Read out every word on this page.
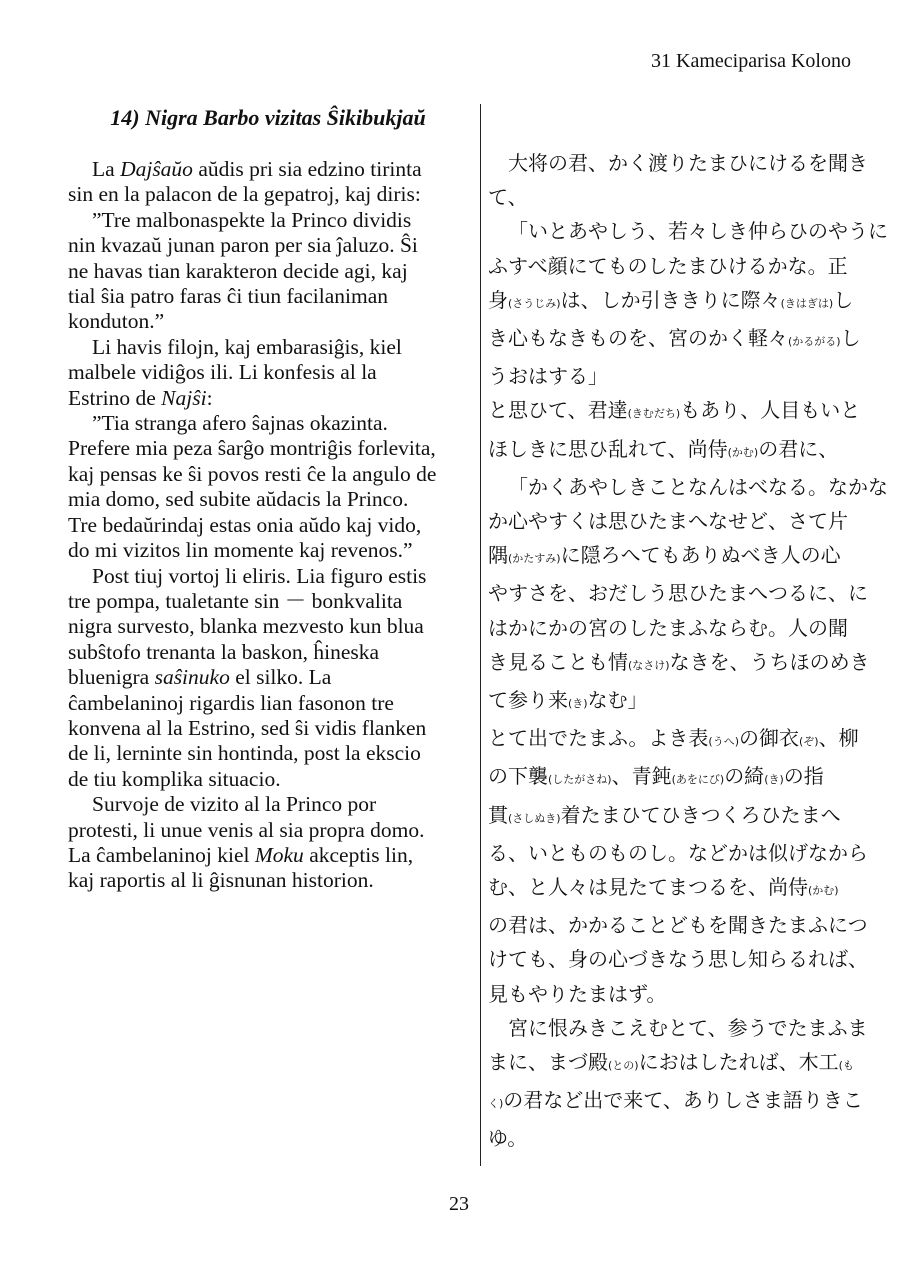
31 Kameciparisa Kolono
14) Nigra Barbo vizitas Ŝikibukjaŭ
La Dajŝaŭo aŭdis pri sia edzino tirinta
sin en la palacon de la gepatroj, kaj diris:
”Tre malbonaspekte la Princo dividis
nin kvazaŭ junan paron per sia ĵaluzo. Ŝi
ne havas tian karakteron decide agi, kaj
tial ŝia patro faras ĉi tiun facilaniman
konduton.”
Li havis filojn, kaj embarasiĝis, kiel
malbele vidiĝos ili. Li konfesis al la
Estrino de Najŝi:
”Tia stranga afero ŝajnas okazinta.
Prefere mia peza ŝarĝo montriĝis forlevita,
kaj pensas ke ŝi povos resti ĉe la angulo de
mia domo, sed subite aŭdacis la Princo.
Tre bedaŭrindaj estas onia aŭdo kaj vido,
do mi vizitos lin momente kaj revenos.”
Post tiuj vortoj li eliris. Lia figuro estis
tre pompa, tualetante sin － bonkvalita
nigra survesto, blanka mezvesto kun blua
subŝtofo trenanta la baskon, ĥineska
bluenigra saŝinuko el silko. La
ĉambelaninoj rigardis lian fasonon tre
konvena al la Estrino, sed ŝi vidis flanken
de li, lerninte sin hontinda, post la ekscio
de tiu komplika situacio.
Survoje de vizito al la Princo por
protesti, li unue venis al sia propra domo.
La ĉambelaninoj kiel Moku akceptis lin,
kaj raportis al li ĝisnunan historion.
大将の君、かく渡りたまひにけるを聞き
て、
「いとあやしう、若々しき仲らひのやうに
ふすべ顔にてものしたまひけるかな。正
身(さうじみ)は、しか引ききりに際々(きはぎは)し
き心もなきものを、宮のかく軽々(かるがる)し
うおはする」
と思ひて、君達(きむだち)もあり、人目もいと
ほしきに思ひ乱れて、尚侍(かむ)の君に、
「かくあやしきことなんはべなる。なかな
か心やすくは思ひたまへなせど、さて片
隅(かたすみ)に隠ろへてもありぬべき人の心
やすさを、おだしう思ひたまへつるに、に
はかにかの宮のしたまふならむ。人の聞
き見ることも情(なさけ)なきを、うちほのめき
て参り来(き)なむ」
とて出でたまふ。よき表(うへ)の御衣(ぞ)、柳
の下襲(したがさね)、青鈍(あをにび)の綺(き)の指
貫(さしぬき)着たまひてひきつくろひたまへ
る、いとものものし。などかは似げなから
む、と人々は見たてまつるを、尚侍(かむ)
の君は、かかることどもを聞きたまふにつ
けても、身の心づきなう思し知らるれば、
見もやりたまはず。
宮に恨みきこえむとて、参うでたまふま
まに、まづ殿(との)におはしたれば、木工(も
く)の君など出で来て、ありしさま語りきこ
ゆ。
23
